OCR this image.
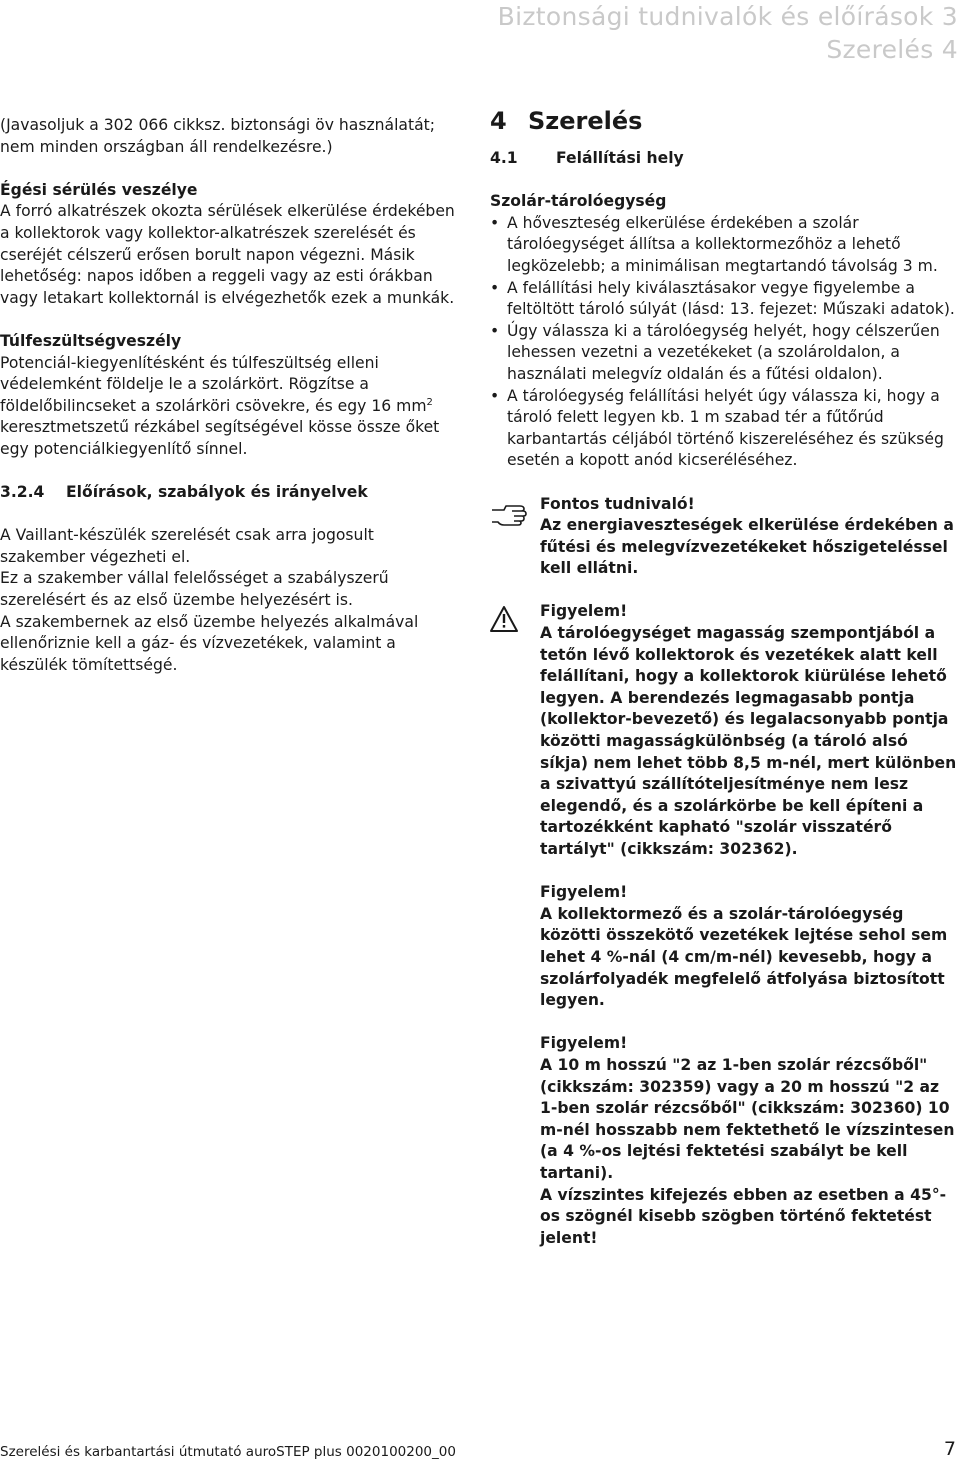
Biztonsági tudnivalók és előírások 3
Szerelés 4

(Javasoljuk a 302 066 cikksz. biztonsági öv használatát; nem minden országban áll rendelkezésre.)

Égési sérülés veszélye

A forró alkatrészek okozta sérülések elkerülése érdekében a kollektorok vagy kollektor-alkatrészek szerelését és cseréjét célszerű erősen borult napon végezni. Másik lehetőség: napos időben a reggeli vagy az esti órákban vagy letakart kollektornál is elvégezhetők ezek a munkák.

Túlfeszültségveszély

Potenciál-kiegyenlítésként és túlfeszültség elleni védelemként földelje le a szolárkört. Rögzítse a földelőbilincseket a szolárköri csövekre, és egy 16 $mm^2$ keresztmetszetű rézkábel segítségével kösse össze őket egy potenciálkiegyenlítő sínnel.

3.2.4 Előírások, szabályok és irányelvek

A Vaillant-készülék szerelését csak arra jogosult szakember végezheti el.

Ez a szakember vállal felelősséget a szabályszerű szerelésért és az első üzembe helyezésért is.

A szakembernek az első üzembe helyezés alkalmával ellenőriznie kell a gáz- és vízvezetékek, valamint a készülék tömítettségé.

4 Szerelés
4.1 Felállítási hely

Szolár-tárolóegység

• A hőveszteség elkerülése érdekében a szolár tárolóegységet állítsa a kollektormezőhöz a lehető legközelebb; a minimálisan megtartandó távolság 3 m.
• A felállítási hely kiválasztásakor vegye figyelembe a feltöltött tároló súlyát (lásd: 13. fejezet: Műszaki adatok).
• Úgy válassza ki a tárolóegység helyét, hogy célszerűen lehessen vezetni a vezetékeket (a szolároldalon, a használati melegvíz oldalán és a fűtési oldalon).
• A tárolóegység felállítási helyét úgy válassza ki, hogy a tároló felett legyen kb. 1 m szabad tér a fűtőrúd karbantartás céljából történő kiszereléséhez és szükség esetén a kopott anód kicseréléséhez.

Fontos tudnivaló!

Az energiaveszteségek elkerülése érdekében a fűtési és melegvízvezetékeket hőszigeteléssel kell ellátni.

Figyelem!

A tárolóegységet magasság szempontjából a tetőn lévő kollektorok és vezetékek alatt kell felállítani, hogy a kollektorok kiürülése lehető legyen. A berendezés legmagasabb pontja (kollektor-bevezető) és legalacsonyabb pontja közötti magasságkülönbség (a tároló alsó síkja) nem lehet több 8,5 m-nél, mert különben a szivattyú szállítóteljesítménye nem lesz elegendő, és a szolárkörbe be kell építeni a tartozékként kapható "szolár visszatérő tartályt" (cikkszám: 302362).

Figyelem!

A kollektormező és a szolár-tárolóegység közötti összekötő vezetékek lejtése sehol sem lehet 4 %-nál (4 cm/m-nél) kevesebb, hogy a szolárfolyadék megfelelő átfolyása biztosított legyen.

Figyelem!

A 10 m hosszú "2 az 1-ben szolár rézcsőből" (cikkszám: 302359) vagy a 20 m hosszú "2 az 1-ben szolár rézcsőből" (cikkszám: 302360) 10 m-nél hosszabb nem fektethető le vízszintesen (a 4 %-os lejtési fektetési szabályt be kell tartani).

A vízszintes kifejezés ebben az esetben a 45°-os szögnél kisebb szögben történő fektetést jelent!

Szerelési és karbantartási útmutató auroSTEP plus 0020100200_00	7
